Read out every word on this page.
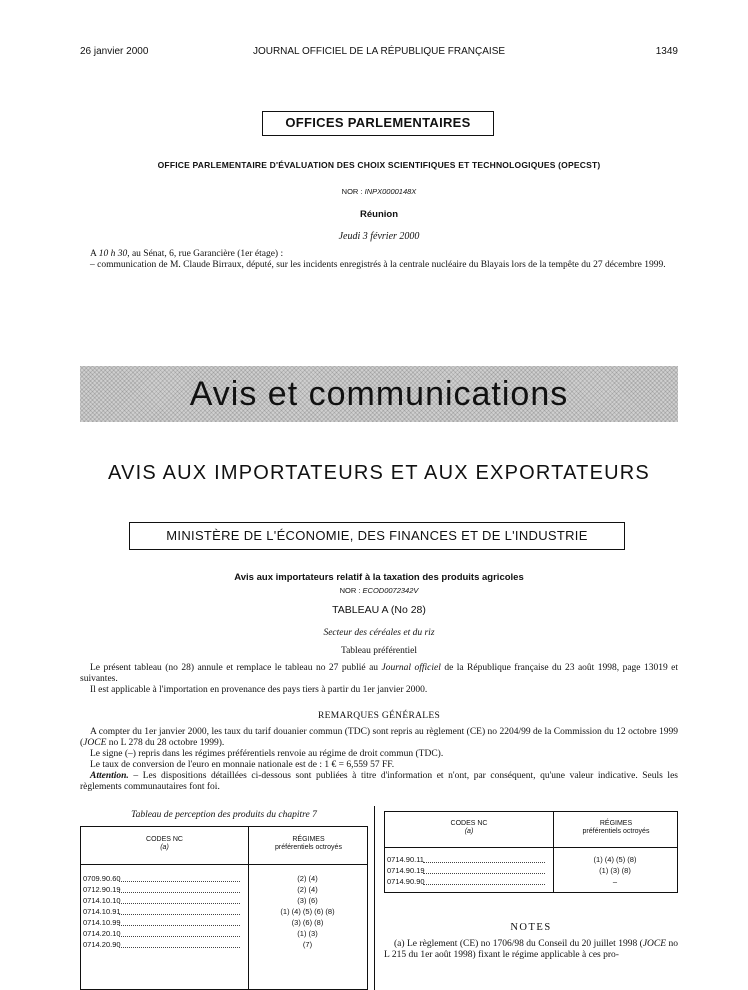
26 janvier 2000	JOURNAL OFFICIEL DE LA RÉPUBLIQUE FRANÇAISE	1349
OFFICES PARLEMENTAIRES
OFFICE PARLEMENTAIRE D'ÉVALUATION DES CHOIX SCIENTIFIQUES ET TECHNOLOGIQUES (OPECST)
NOR : INPX0000148X
Réunion
Jeudi 3 février 2000
A 10 h 30, au Sénat, 6, rue Garancière (1er étage) :
– communication de M. Claude Birraux, député, sur les incidents enregistrés à la centrale nucléaire du Blayais lors de la tempête du 27 décembre 1999.
Avis et communications
AVIS AUX IMPORTATEURS ET AUX EXPORTATEURS
MINISTÈRE DE L'ÉCONOMIE, DES FINANCES ET DE L'INDUSTRIE
Avis aux importateurs relatif à la taxation des produits agricoles
NOR : ECOD0072342V
TABLEAU A (No 28)
Secteur des céréales et du riz
Tableau préférentiel
Le présent tableau (no 28) annule et remplace le tableau no 27 publié au Journal officiel de la République française du 23 août 1998, page 13019 et suivantes.
Il est applicable à l'importation en provenance des pays tiers à partir du 1er janvier 2000.
REMARQUES GÉNÉRALES
A compter du 1er janvier 2000, les taux du tarif douanier commun (TDC) sont repris au règlement (CE) no 2204/99 de la Commission du 12 octobre 1999 (JOCE no L 278 du 28 octobre 1999).
Le signe (–) repris dans les régimes préférentiels renvoie au régime de droit commun (TDC).
Le taux de conversion de l'euro en monnaie nationale est de : 1 € = 6,559 57 FF.
Attention. – Les dispositions détaillées ci-dessous sont publiées à titre d'information et n'ont, par conséquent, qu'une valeur indicative. Seuls les règlements communautaires font foi.
Tableau de perception des produits du chapitre 7
CODES NC
(a)
RÉGIMES
préférentiels octroyés
0709.90.60	(2) (4)
0712.90.19	(2) (4)
0714.10.10	(3) (6)
0714.10.91	(1) (4) (5) (6) (8)
0714.10.99	(3) (6) (8)
0714.20.10	(1) (3)
0714.20.90	(7)
CODES NC
(a)
RÉGIMES
préférentiels octroyés
0714.90.11	(1) (4) (5) (8)
0714.90.19	(1) (3) (8)
0714.90.90	–
NOTES
(a) Le règlement (CE) no 1706/98 du Conseil du 20 juillet 1998 (JOCE no L 215 du 1er août 1998) fixant le régime applicable à ces pro-
